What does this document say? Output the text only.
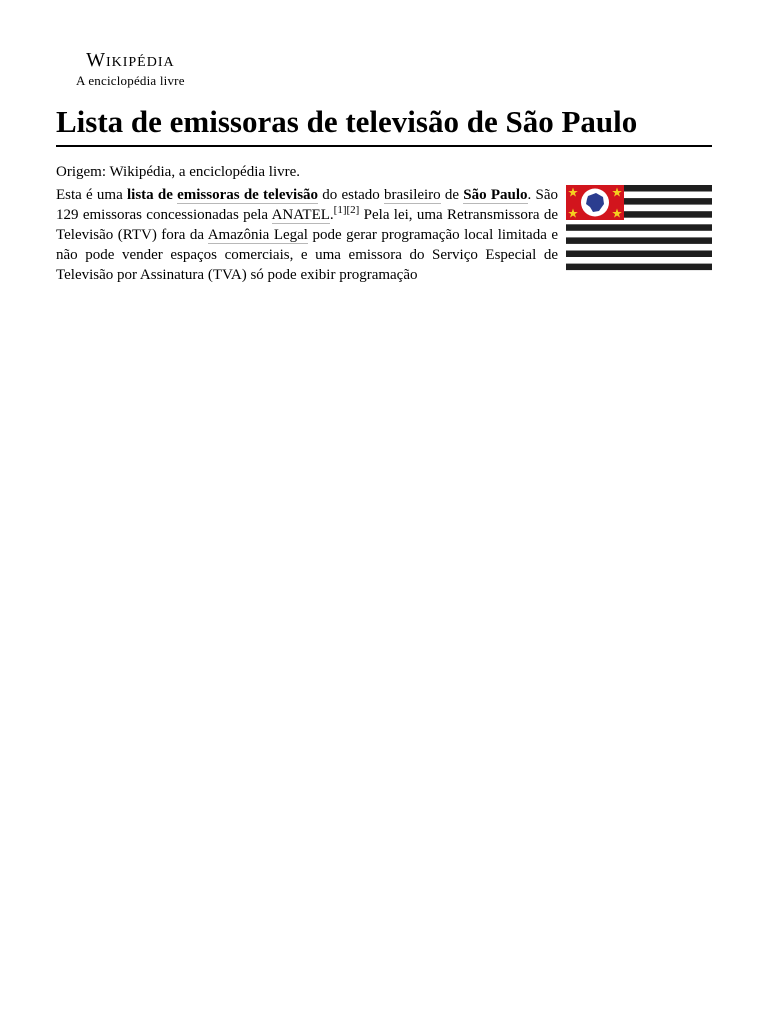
Wikipédia
A enciclopédia livre
Lista de emissoras de televisão de São Paulo
Origem: Wikipédia, a enciclopédia livre.

Esta é uma lista de emissoras de televisão do estado brasileiro de São Paulo. São 129 emissoras concessionadas pela ANATEL.[1][2] Pela lei, uma Retransmissora de Televisão (RTV) fora da Amazônia Legal pode gerar programação local limitada e não pode vender espaços comerciais, e uma emissora do Serviço Especial de Televisão por Assinatura (TVA) só pode exibir programação
